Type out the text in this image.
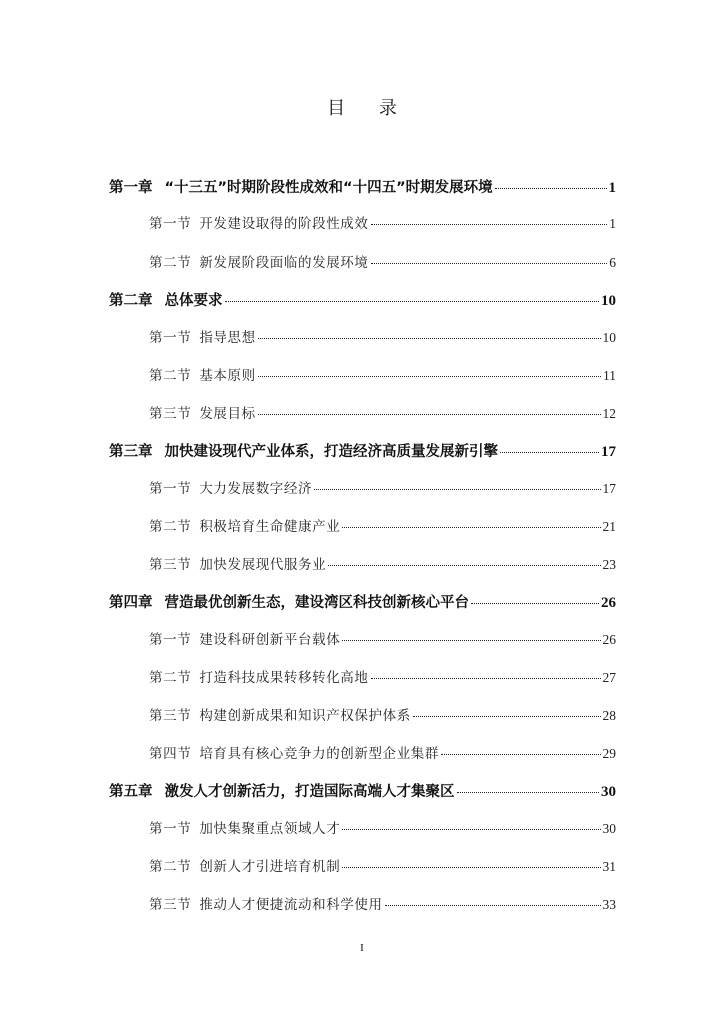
目 录
第一章 “十三五”时期阶段性成效和“十四五”时期发展环境	1
第一节 开发建设取得的阶段性成效	1
第二节 新发展阶段面临的发展环境	6
第二章 总体要求	10
第一节 指导思想	10
第二节 基本原则	11
第三节 发展目标	12
第三章 加快建设现代产业体系，打造经济高质量发展新引擎	17
第一节 大力发展数字经济	17
第二节 积极培育生命健康产业	21
第三节 加快发展现代服务业	23
第四章 营造最优创新生态，建设湾区科技创新核心平台	26
第一节 建设科研创新平台载体	26
第二节 打造科技成果转移转化高地	27
第三节 构建创新成果和知识产权保护体系	28
第四节 培育具有核心竞争力的创新型企业集群	29
第五章 激发人才创新活力，打造国际高端人才集聚区	30
第一节 加快集聚重点领域人才	30
第二节 创新人才引进培育机制	31
第三节 推动人才便捷流动和科学使用	33
I
